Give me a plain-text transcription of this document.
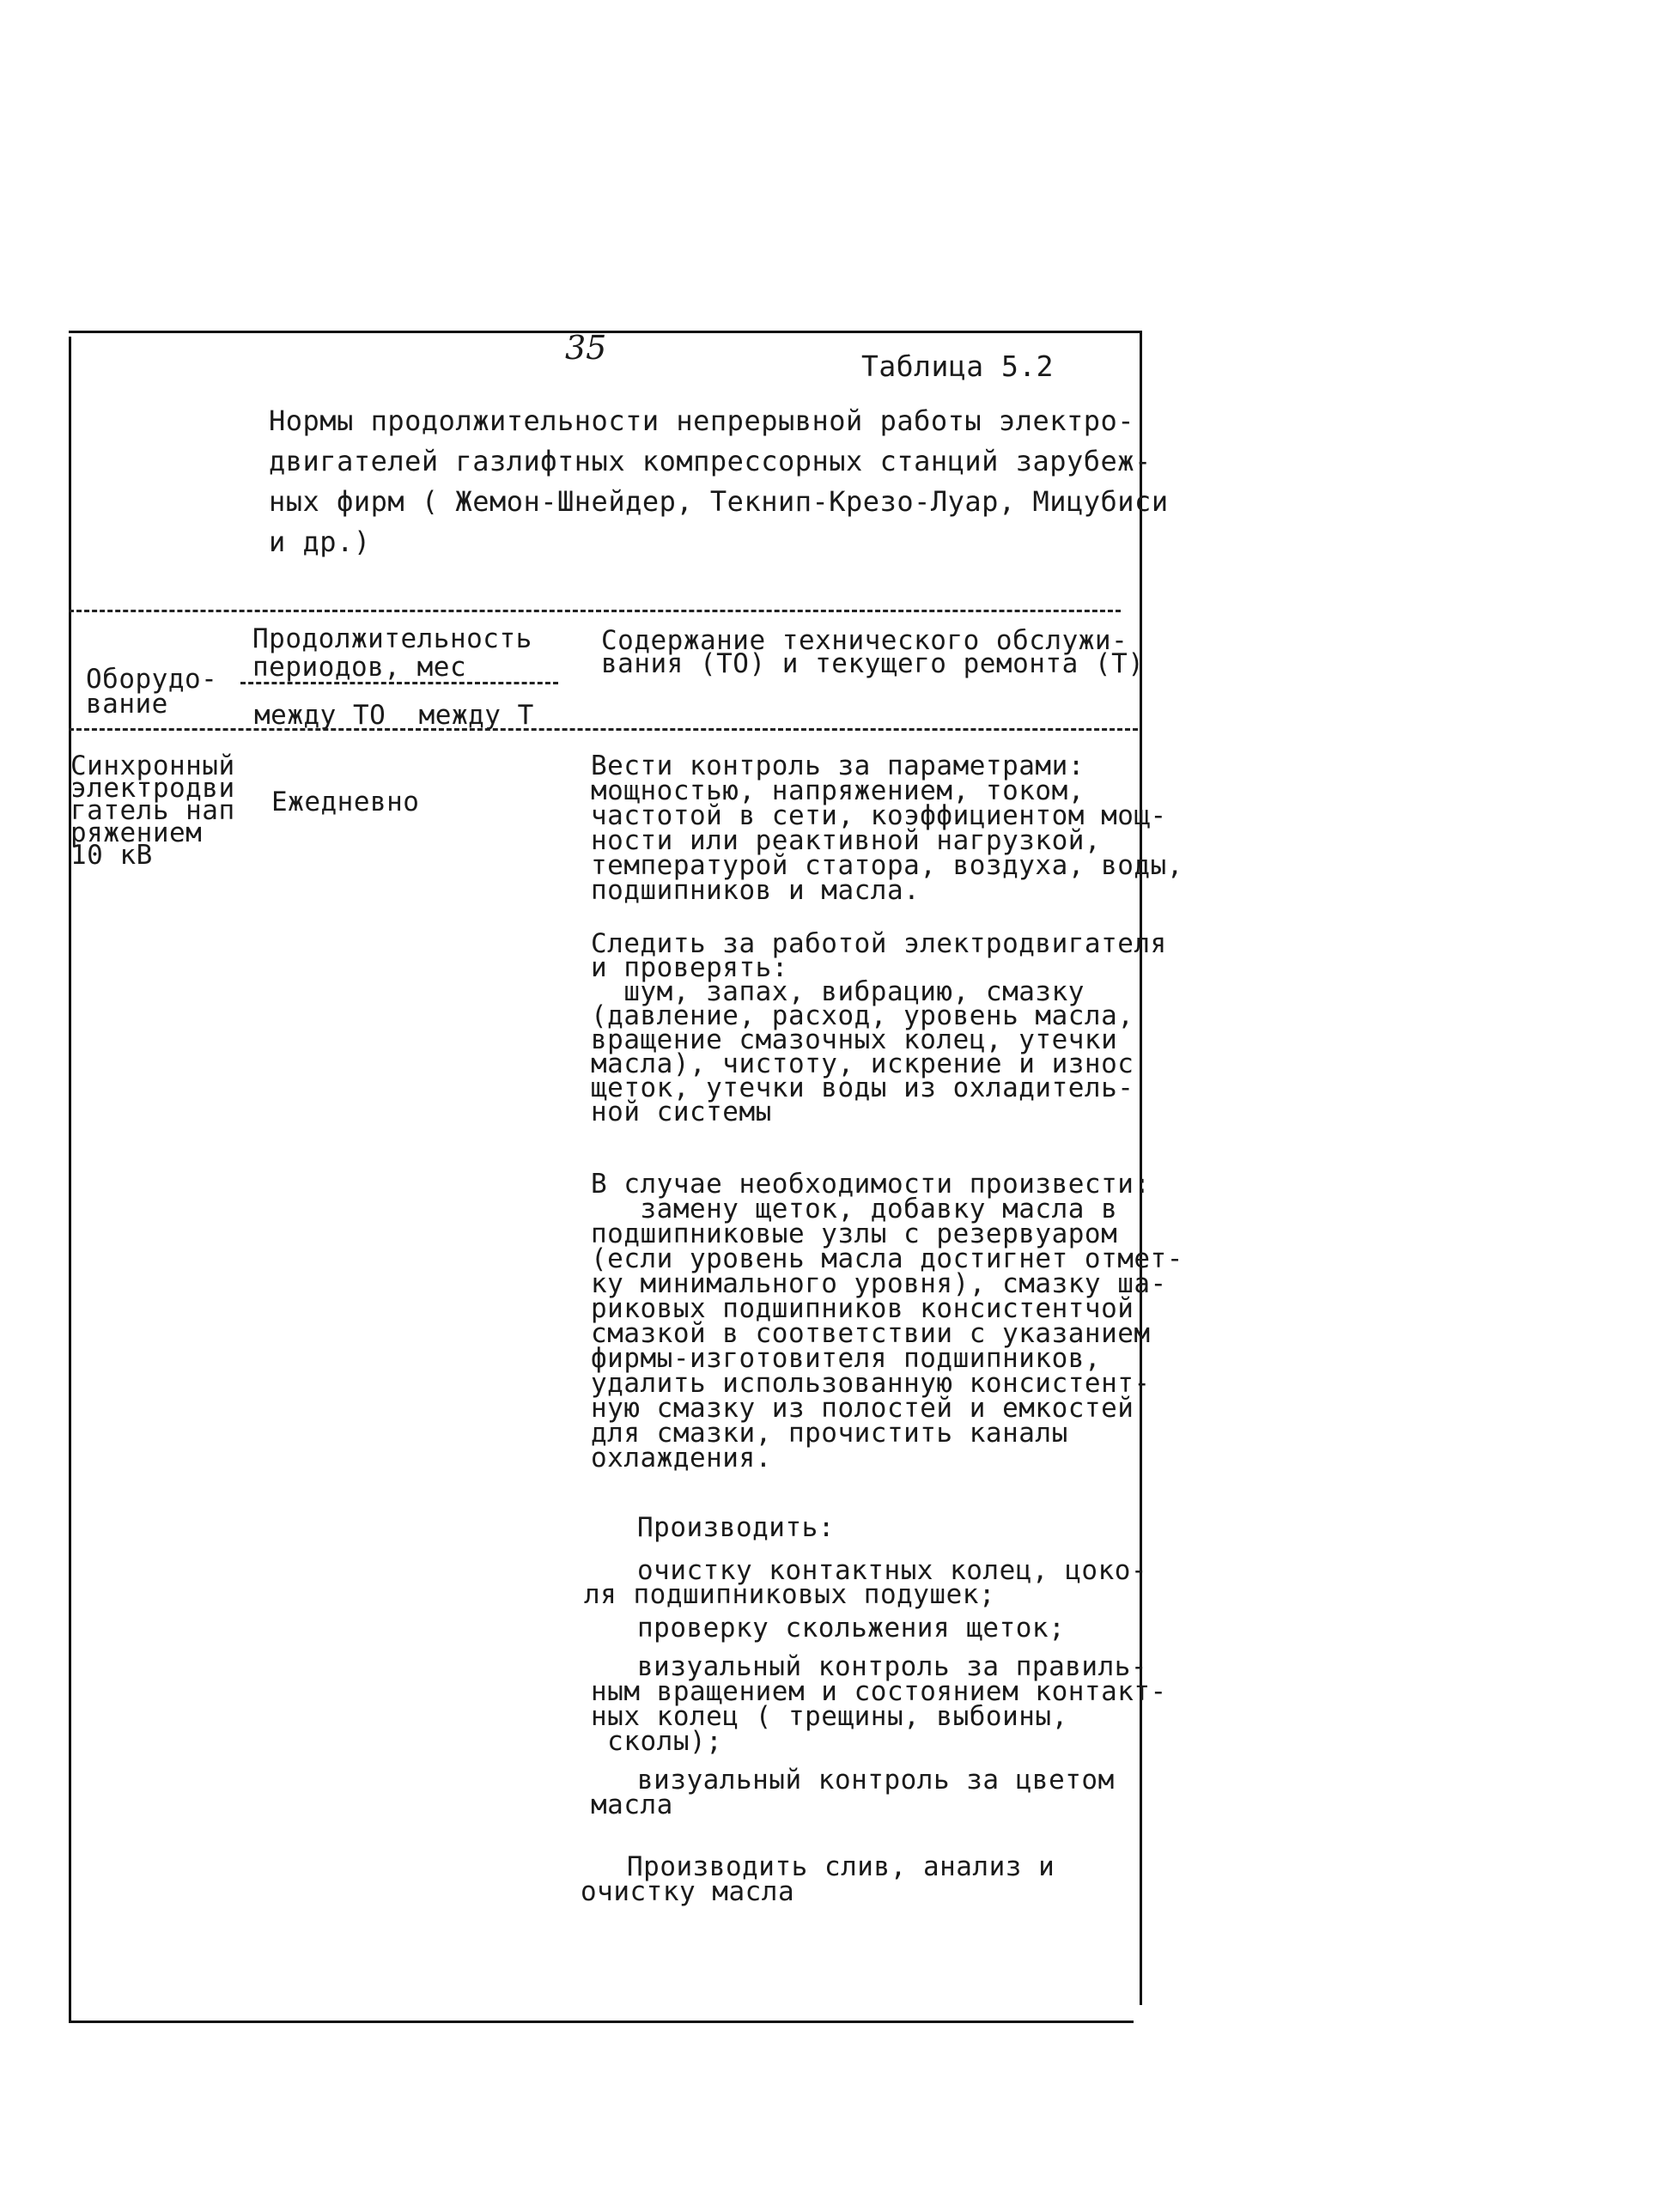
35	Таблица 5.2
Нормы продолжительности непрерывной работы электро-
двигателей газлифтных компрессорных станций зарубеж-
ных фирм ( Жемон-Шнейдер, Текнип-Крезо-Луар, Мицубиси
и др.)
Оборудо-
вание
Продолжительность
периодов, мес
между ТО  между Т
Содержание технического обслужи-
вания (ТО) и текущего ремонта (Т)
Синхронный
электродви
гатель нап
ряжением
10 кВ
Ежедневно
Вести контроль за параметрами:
мощностью, напряжением, током,
частотой в сети, коэффициентом мощ-
ности или реактивной нагрузкой,
температурой статора, воздуха, воды,
подшипников и масла.
Следить за работой электродвигателя
и проверять:
шум, запах, вибрацию, смазку
(давление, расход, уровень масла,
вращение смазочных колец, утечки
масла), чистоту, искрение и износ
щеток, утечки воды из охладитель-
ной системы
В случае необходимости произвести:
замену щеток, добавку масла в
подшипниковые узлы с резервуаром
(если уровень масла достигнет отмет-
ку минимального уровня), смазку ша-
риковых подшипников консистентчой
смазкой в соответствии с указанием
фирмы-изготовителя подшипников,
удалить использованную консистент-
ную смазку из полостей и емкостей
для смазки, прочистить каналы
охлаждения.
Производить:
очистку контактных колец, цоко-
ля подшипниковых подушек;
проверку скольжения щеток;
визуальный контроль за правиль-
ным вращением и состоянием контакт-
ных колец ( трещины, выбоины,
сколы);
визуальный контроль за цветом
масла
Производить слив, анализ и
очистку масла
